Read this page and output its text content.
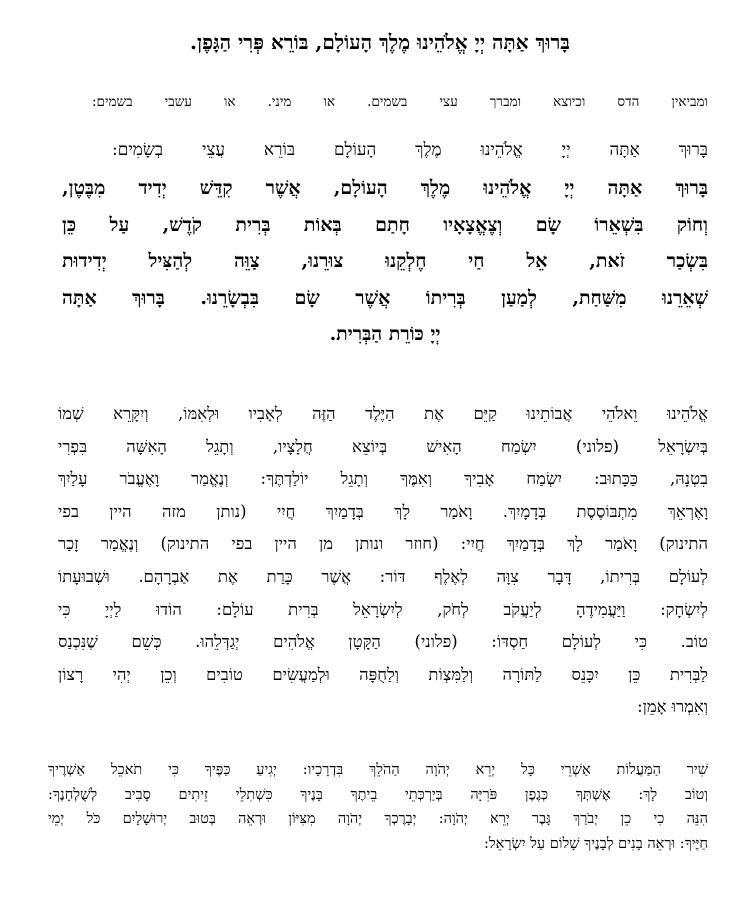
בָּרוּךְ אַתָּה יְיָ אֱלֹהֵינוּ מֶלֶךְ הָעוֹלָם, בּוֹרֵא פְּרִי הַגָּפֶן.
ומביאין הדס וכיוצא ומברך עצי בשמים. או מיני. או עשבי בשמים:
בָּרוּךְ אַתָּה יְיָ אֱלֹהֵינוּ מֶלֶךְ הָעוֹלָם בּוֹרֵא עֲצֵי בְשָׂמִים:
בָּרוּךְ אַתָּה יְיָ אֱלֹהֵינוּ מֶלֶךְ הָעוֹלָם, אֲשֶׁר קִדֵּשׁ יְדִיד מִבֶּטֶן,
וְחוֹק בִּשְׁאֵרוֹ שָׂם וְצֶאֱצָאָיו חָתַם בְּאוֹת בְּרִית קֹדֶשׁ, עַל כֵּן
בִּשְׂכַר זֹאת, אֵל חַי חֶלְקֵנוּ צוּרֵנוּ, צַוֵּה לְהַצִּיל יְדִידוּת
שְׁאֵרֵנוּ מִשַּׁחַת, לְמַעַן בְּרִיתוֹ אֲשֶׁר שָׂם בִּבְשָׂרֵנוּ. בָּרוּךְ אַתָּה
יְיָ כּוֹרֵת הַבְּרִית.
אֱלֹהֵינוּ וֵאלֹהֵי אֲבוֹתֵינוּ קַיֵּם אֶת הַיֶּלֶד הַזֶּה לְאָבִיו וּלְאִמּוֹ, וְיִקָּרֵא שְׁמוֹ
בְּיִשְׂרָאֵל (פלוני) יִשְׂמַח הָאִישׁ בְּיוֹצֵא חֲלָצָיו, וְתָגֵל הָאִשָּׁה בִּפְרִי
בִטְנָהּ, כַּכָּתוּב: יִשְׂמַח אָבִיךָ וְאִמֶּךָ וְתָגֵל יוֹלַדְתֶּךָ: וְנֶאֱמַר וָאֶעֱבֹר עָלַיִךְ
וָאֶרְאֵךְ מִתְבּוֹסֶסֶת בְּדָמָיִךְ. וָאֹמַר לָךְ בְּדָמַיִךְ חֲיִי (נותן מזה היין בפי
התינוק) וָאֹמַר לָךְ בְּדָמַיִךְ חֲיִי: (חוזר ונותן מן היין בפי התינוק) וְנֶאֱמַר זָכַר
לְעוֹלָם בְּרִיתוֹ, דָּבָר צִוָּה לְאֶלֶף דּוֹר: אֲשֶׁר כָּרַת אֶת אַבְרָהָם. וּשְׁבוּעָתוֹ
לְיִשְׂחָק: וַיַּעֲמִידֶהָ לְיַעֲקֹב לְחֹק, לְיִשְׂרָאֵל בְּרִית עוֹלָם: הוֹדוּ לַיְיָ כִּי
טוֹב. כִּי לְעוֹלָם חַסְדּוֹ: (פלוני) הַקָּטָן אֱלֹהִים יְגַדְּלֵהוּ. כְּשֵׁם שֶׁנִּכְנַס
לַבְּרִית כֵּן יִכָּנֵס לַתּוֹרָה וְלַמִּצְוֹת וְלַחֻפָּה וּלְמַעֲשִׂים טוֹבִים וְכֵן יְהִי רָצוֹן
וְאִמְרוּ אָמֵן:
שִׁיר הַמַּעֲלוֹת אַשְׁרֵי כָּל יְרֵא יְהֹוָה הַהֹלֵךְ בִּדְרָכָיו: יְגִיעַ כַּפֶּיךָ כִּי תֹאכֵל אַשְׁרֶיךָ
וְטוֹב לָךְ: אֶשְׁתְּךָ כְּגֶפֶן פֹּרִיָּה בְּיַרְכְּתֵי בֵיתֶךָ בָּנֶיךָ כִּשְׁתִלֵי זֵיתִים סָבִיב לְשֻׁלְחָנֶךָ:
הִנֵּה כִי כֵן יְבֹרַךְ גָּבֶר יְרֵא יְהֹוָה: יְבָרֶכְךָ יְהֹוָה מִצִּיּוֹן וּרְאֵה בְּטוּב יְרוּשָׁלָיִם כֹּל יְמֵי
חַיֶּיךָ: וּרְאֵה בָנִים לְבָנֶיךָ שָׁלוֹם עַל יִשְׂרָאֵל:
